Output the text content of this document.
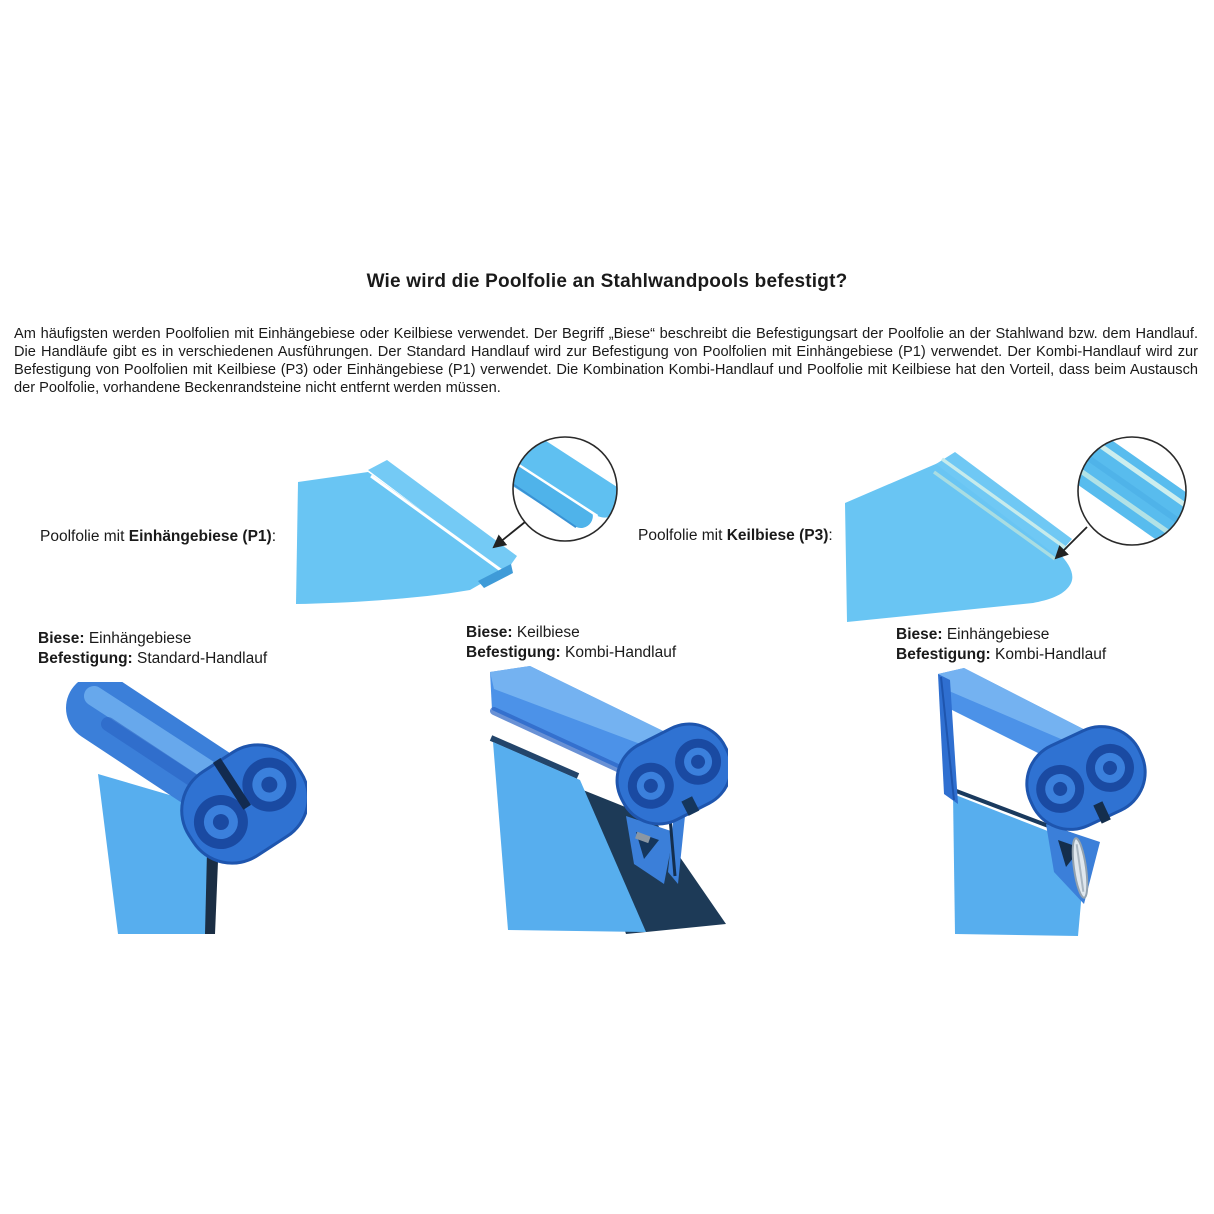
Wie wird die Poolfolie an Stahlwandpools befestigt?
Am häufigsten werden Poolfolien mit Einhängebiese oder Keilbiese verwendet. Der Begriff „Biese“ beschreibt die Befestigungsart der Poolfolie an der Stahlwand bzw. dem Handlauf. Die Handläufe gibt es in verschiedenen Ausführungen. Der Standard Handlauf wird zur Befestigung von Poolfolien mit Einhängebiese (P1) verwendet. Der Kombi-Handlauf wird zur Befestigung von Poolfolien mit Keilbiese (P3) oder Einhängebiese (P1) verwendet. Die Kombination Kombi-Handlauf und Poolfolie mit Keilbiese hat den Vorteil, dass beim Austausch der Poolfolie, vorhandene Beckenrandsteine nicht entfernt werden müssen.
Poolfolie mit Einhängebiese (P1):	Poolfolie mit Keilbiese (P3):
Biese: Einhängebiese
Befestigung: Standard-Handlauf
Biese: Keilbiese
Befestigung: Kombi-Handlauf
Biese: Einhängebiese
Befestigung: Kombi-Handlauf
